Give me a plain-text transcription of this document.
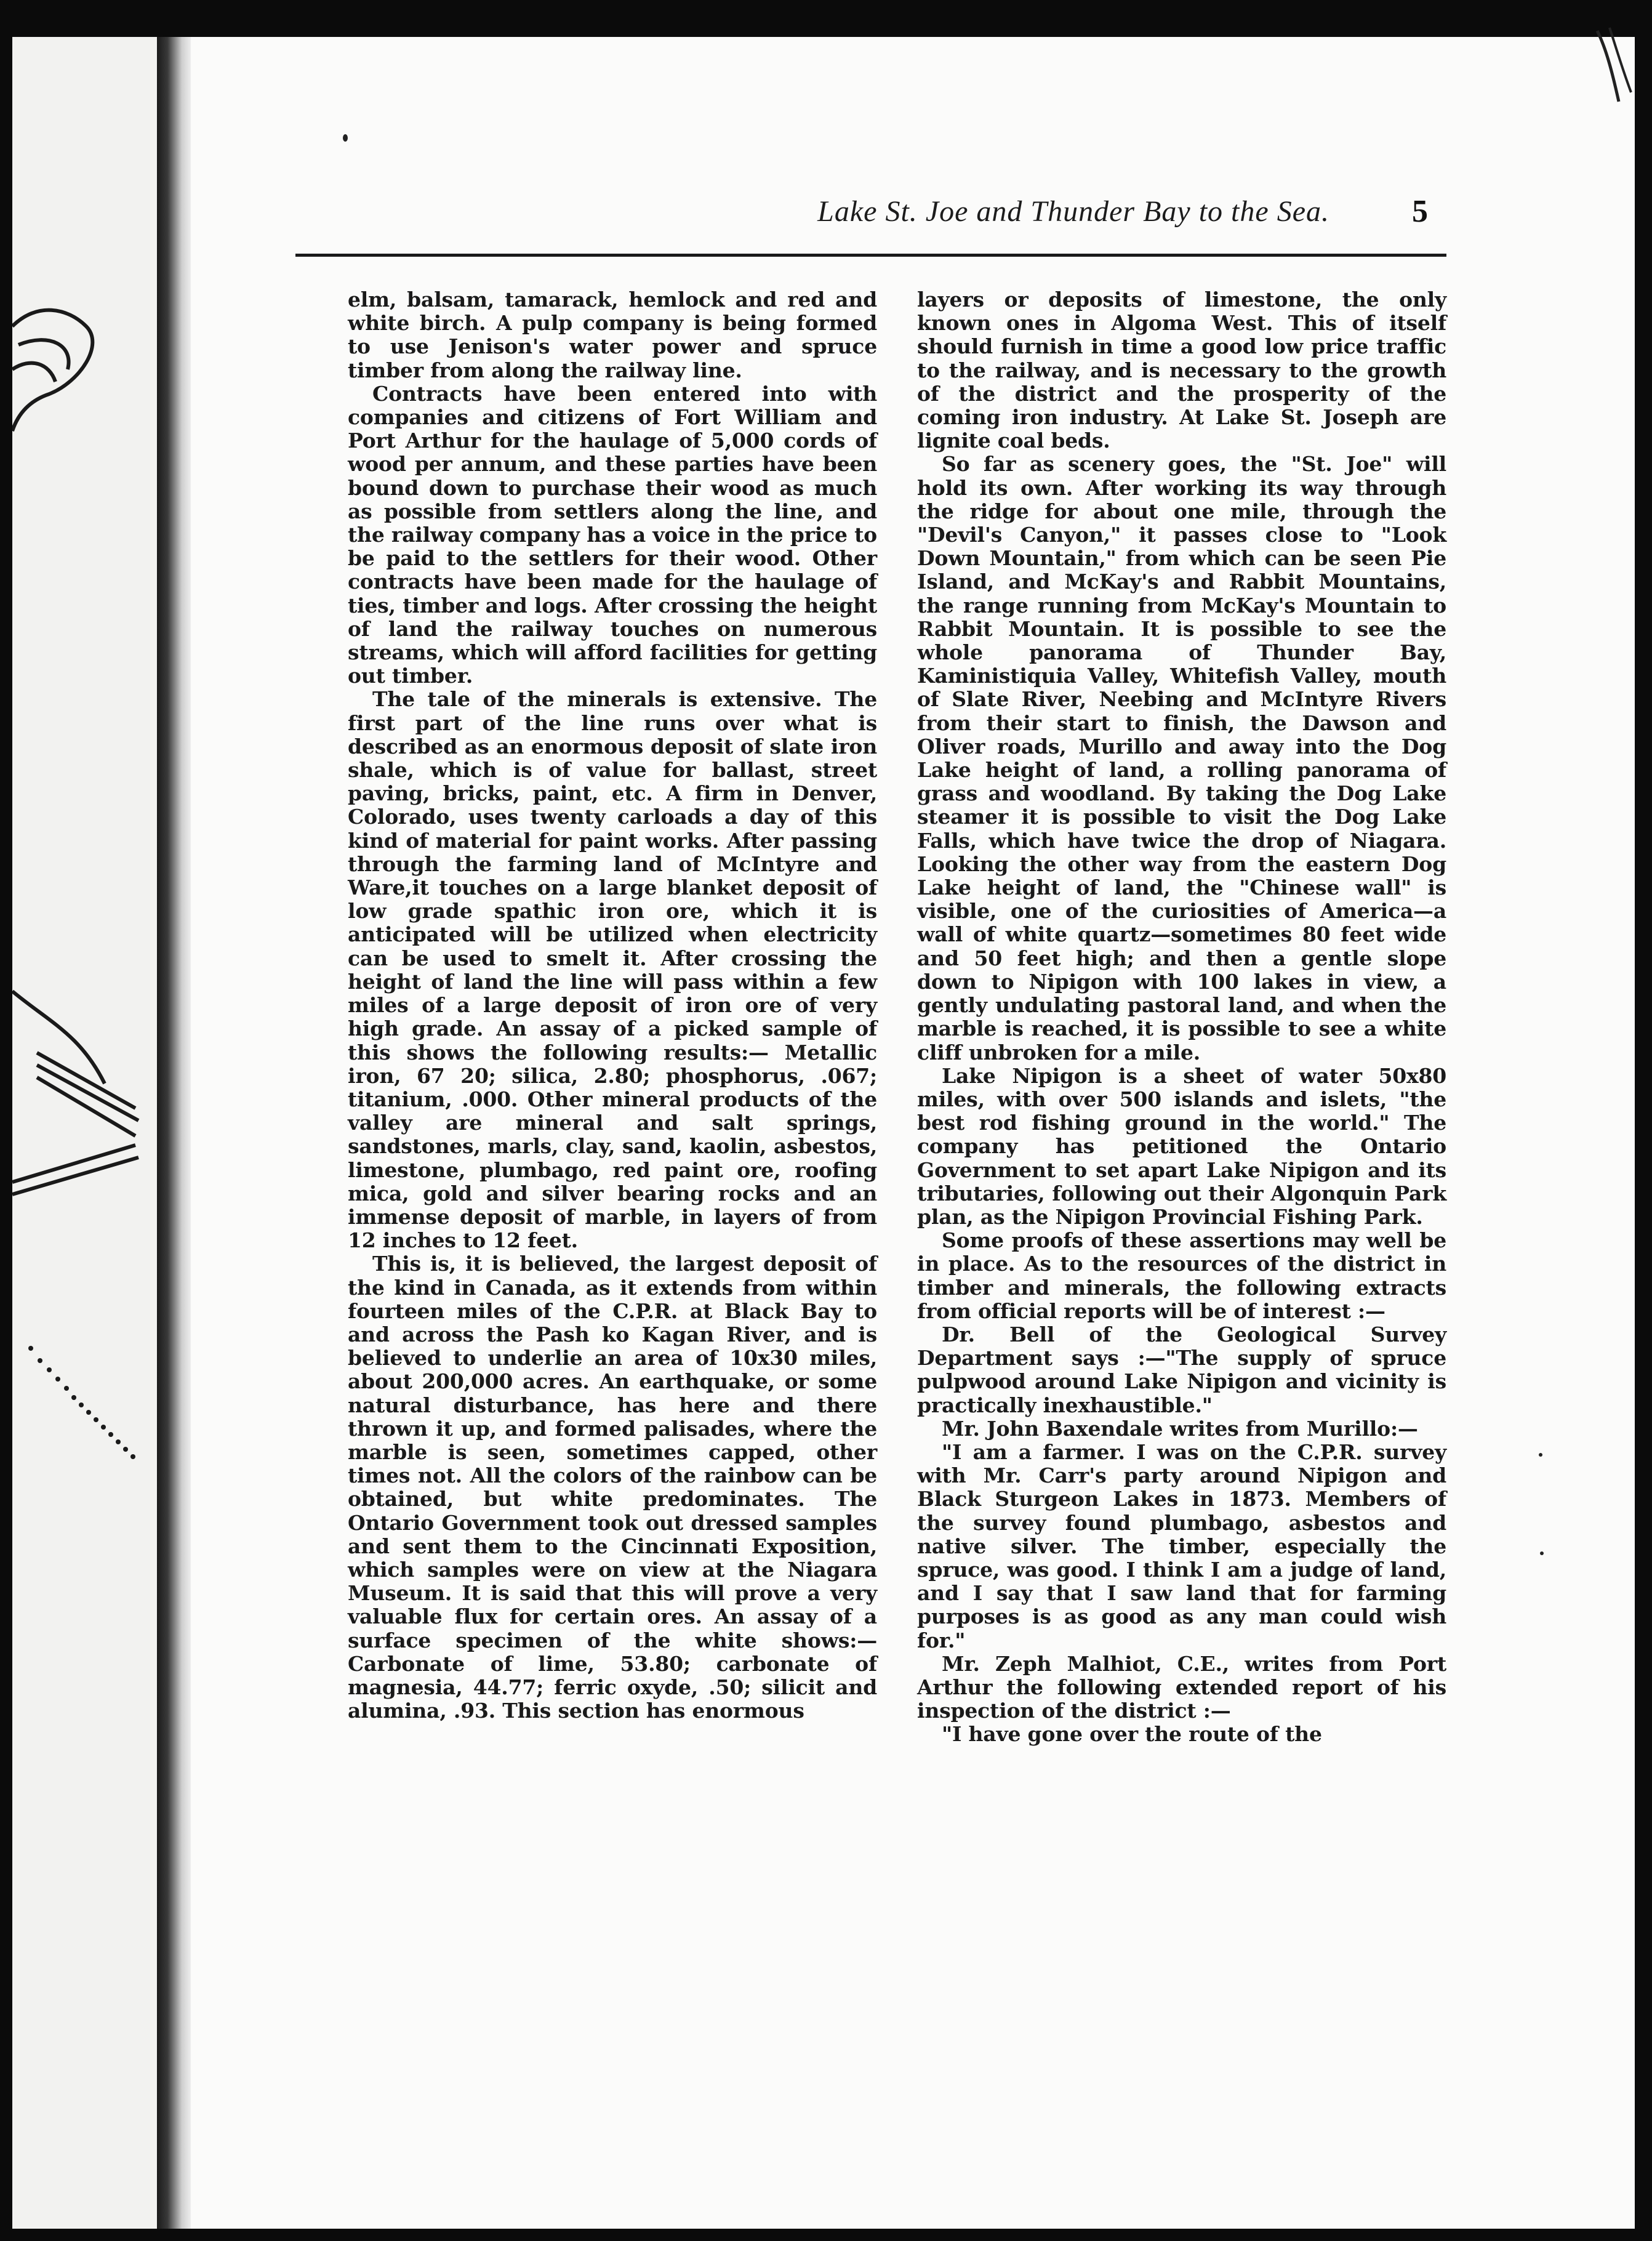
Lake St. Joe and Thunder Bay to the Sea.	5

elm, balsam, tamarack, hemlock and red and white birch. A pulp company is being formed to use Jenison's water power and spruce timber from along the railway line.

Contracts have been entered into with companies and citizens of Fort William and Port Arthur for the haulage of 5,000 cords of wood per annum, and these parties have been bound down to purchase their wood as much as possible from settlers along the line, and the railway company has a voice in the price to be paid to the settlers for their wood. Other contracts have been made for the haulage of ties, timber and logs. After crossing the height of land the railway touches on numerous streams, which will afford facilities for getting out timber.

The tale of the minerals is extensive. The first part of the line runs over what is described as an enormous deposit of slate iron shale, which is of value for ballast, street paving, bricks, paint, etc. A firm in Denver, Colorado, uses twenty carloads a day of this kind of material for paint works. After passing through the farming land of McIntyre and Ware,it touches on a large blanket deposit of low grade spathic iron ore, which it is anticipated will be utilized when electricity can be used to smelt it. After crossing the height of land the line will pass within a few miles of a large deposit of iron ore of very high grade. An assay of a picked sample of this shows the following results:— Metallic iron, 67 20; silica, 2.80; phosphorus, .067; titanium, .000. Other mineral products of the valley are mineral and salt springs, sandstones, marls, clay, sand, kaolin, asbestos, limestone, plumbago, red paint ore, roofing mica, gold and silver bearing rocks and an immense deposit of marble, in layers of from 12 inches to 12 feet.

This is, it is believed, the largest deposit of the kind in Canada, as it extends from within fourteen miles of the C.P.R. at Black Bay to and across the Pash ko Kagan River, and is believed to underlie an area of 10x30 miles, about 200,000 acres. An earthquake, or some natural disturbance, has here and there thrown it up, and formed palisades, where the marble is seen, sometimes capped, other times not. All the colors of the rainbow can be obtained, but white predominates. The Ontario Government took out dressed samples and sent them to the Cincinnati Exposition, which samples were on view at the Niagara Museum. It is said that this will prove a very valuable flux for certain ores. An assay of a surface specimen of the white shows:—Carbonate of lime, 53.80; carbonate of magnesia, 44.77; ferric oxyde, .50; silicit and alumina, .93. This section has enormous

layers or deposits of limestone, the only known ones in Algoma West. This of itself should furnish in time a good low price traffic to the railway, and is necessary to the growth of the district and the prosperity of the coming iron industry. At Lake St. Joseph are lignite coal beds.

So far as scenery goes, the "St. Joe" will hold its own. After working its way through the ridge for about one mile, through the "Devil's Canyon," it passes close to "Look Down Mountain," from which can be seen Pie Island, and McKay's and Rabbit Mountains, the range running from McKay's Mountain to Rabbit Mountain. It is possible to see the whole panorama of Thunder Bay, Kaministiquia Valley, Whitefish Valley, mouth of Slate River, Neebing and McIntyre Rivers from their start to finish, the Dawson and Oliver roads, Murillo and away into the Dog Lake height of land, a rolling panorama of grass and woodland. By taking the Dog Lake steamer it is possible to visit the Dog Lake Falls, which have twice the drop of Niagara. Looking the other way from the eastern Dog Lake height of land, the "Chinese wall" is visible, one of the curiosities of America—a wall of white quartz—sometimes 80 feet wide and 50 feet high; and then a gentle slope down to Nipigon with 100 lakes in view, a gently undulating pastoral land, and when the marble is reached, it is possible to see a white cliff unbroken for a mile.

Lake Nipigon is a sheet of water 50x80 miles, with over 500 islands and islets, "the best rod fishing ground in the world." The company has petitioned the Ontario Government to set apart Lake Nipigon and its tributaries, following out their Algonquin Park plan, as the Nipigon Provincial Fishing Park.

Some proofs of these assertions may well be in place. As to the resources of the district in timber and minerals, the following extracts from official reports will be of interest :—

Dr. Bell of the Geological Survey Department says :—"The supply of spruce pulpwood around Lake Nipigon and vicinity is practically inexhaustible."

Mr. John Baxendale writes from Murillo:—

"I am a farmer. I was on the C.P.R. survey with Mr. Carr's party around Nipigon and Black Sturgeon Lakes in 1873. Members of the survey found plumbago, asbestos and native silver. The timber, especially the spruce, was good. I think I am a judge of land, and I say that I saw land that for farming purposes is as good as any man could wish for."

Mr. Zeph Malhiot, C.E., writes from Port Arthur the following extended report of his inspection of the district :—

"I have gone over the route of the
